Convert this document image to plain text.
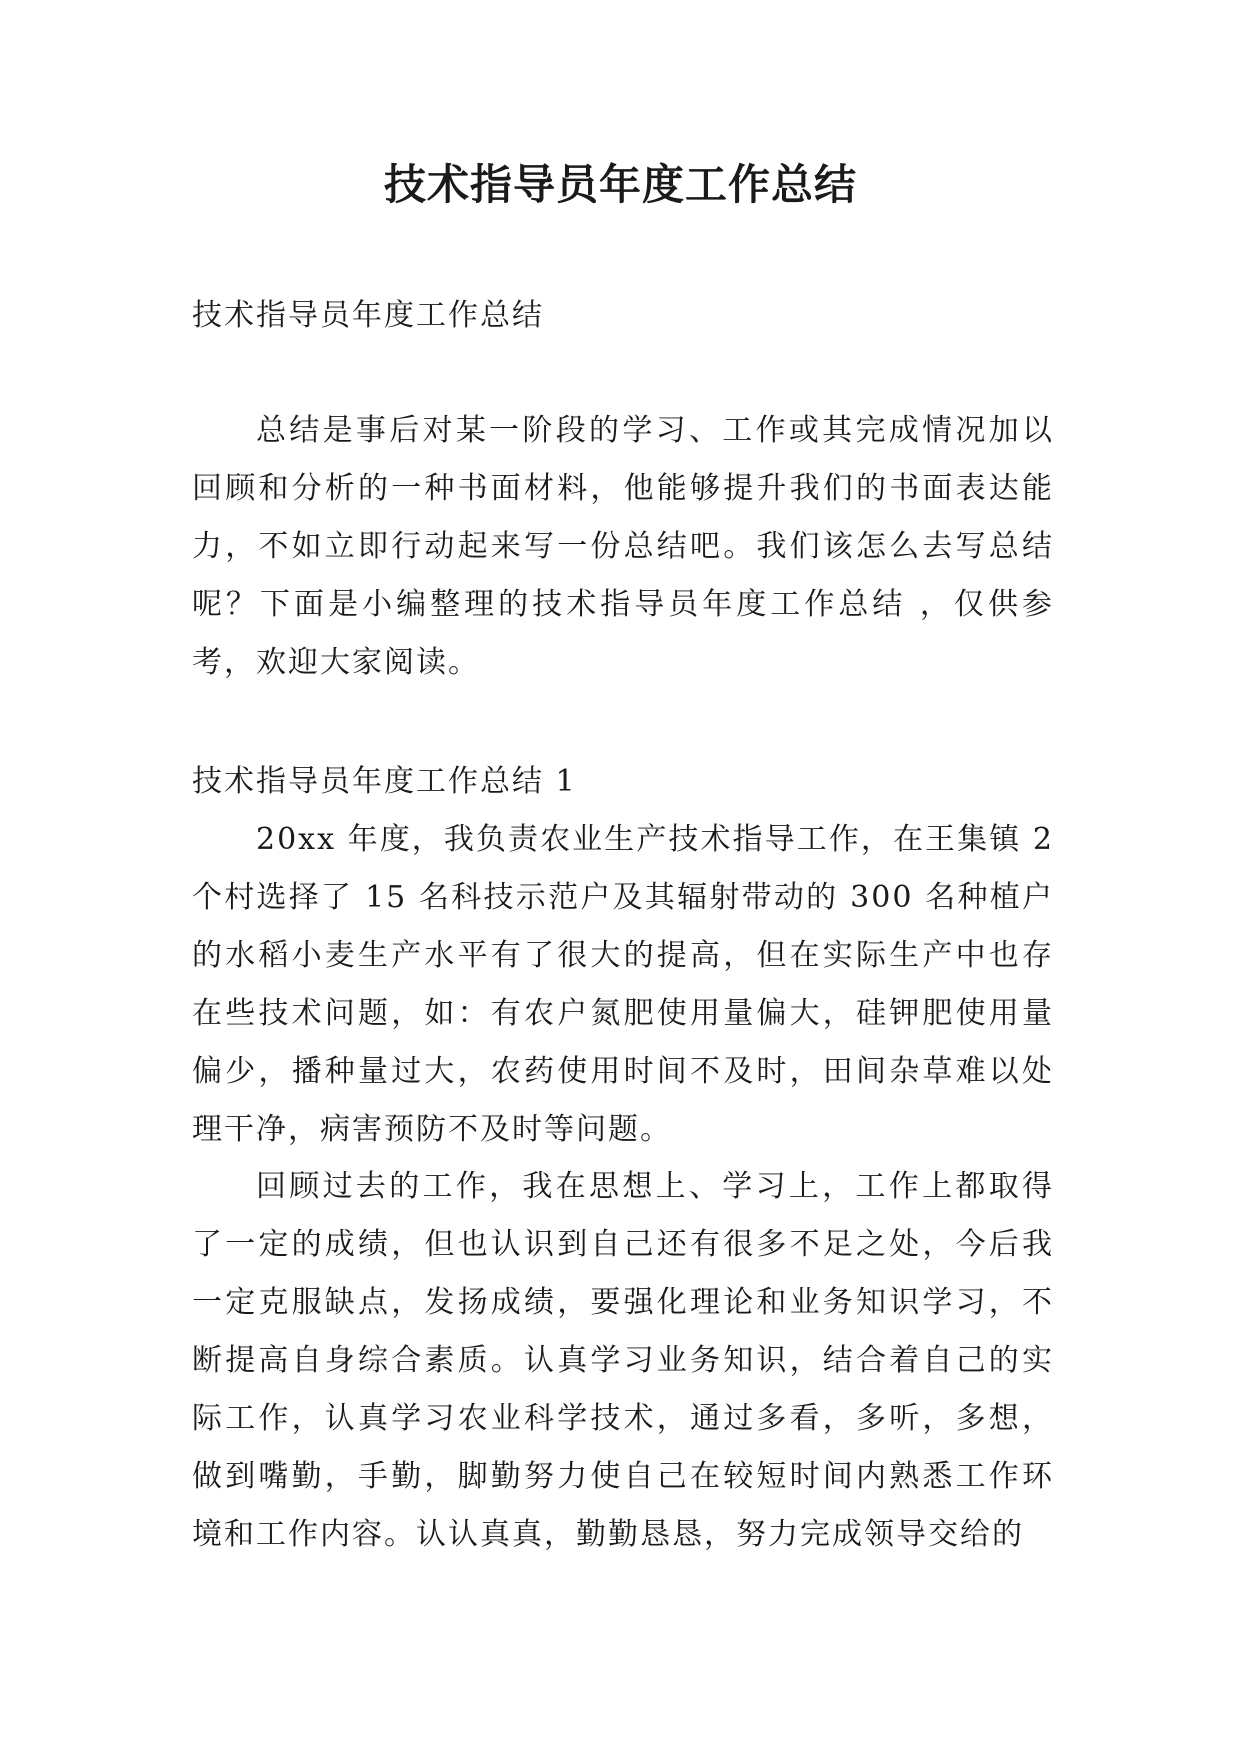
技术指导员年度工作总结

技术指导员年度工作总结

总结是事后对某一阶段的学习、工作或其完成情况加以回顾和分析的一种书面材料，他能够提升我们的书面表达能力，不如立即行动起来写一份总结吧。我们该怎么去写总结呢？下面是小编整理的技术指导员年度工作总结 ，仅供参考，欢迎大家阅读。

技术指导员年度工作总结 1

20xx 年度，我负责农业生产技术指导工作，在王集镇 2 个村选择了 15 名科技示范户及其辐射带动的 300 名种植户的水稻小麦生产水平有了很大的提高，但在实际生产中也存在些技术问题，如：有农户氮肥使用量偏大，硅钾肥使用量偏少，播种量过大，农药使用时间不及时，田间杂草难以处理干净，病害预防不及时等问题。

回顾过去的工作，我在思想上、学习上，工作上都取得了一定的成绩，但也认识到自己还有很多不足之处，今后我一定克服缺点，发扬成绩，要强化理论和业务知识学习，不断提高自身综合素质。认真学习业务知识，结合着自己的实际工作，认真学习农业科学技术，通过多看，多听，多想，做到嘴勤，手勤，脚勤努力使自己在较短时间内熟悉工作环境和工作内容。认认真真，勤勤恳恳，努力完成领导交给的
